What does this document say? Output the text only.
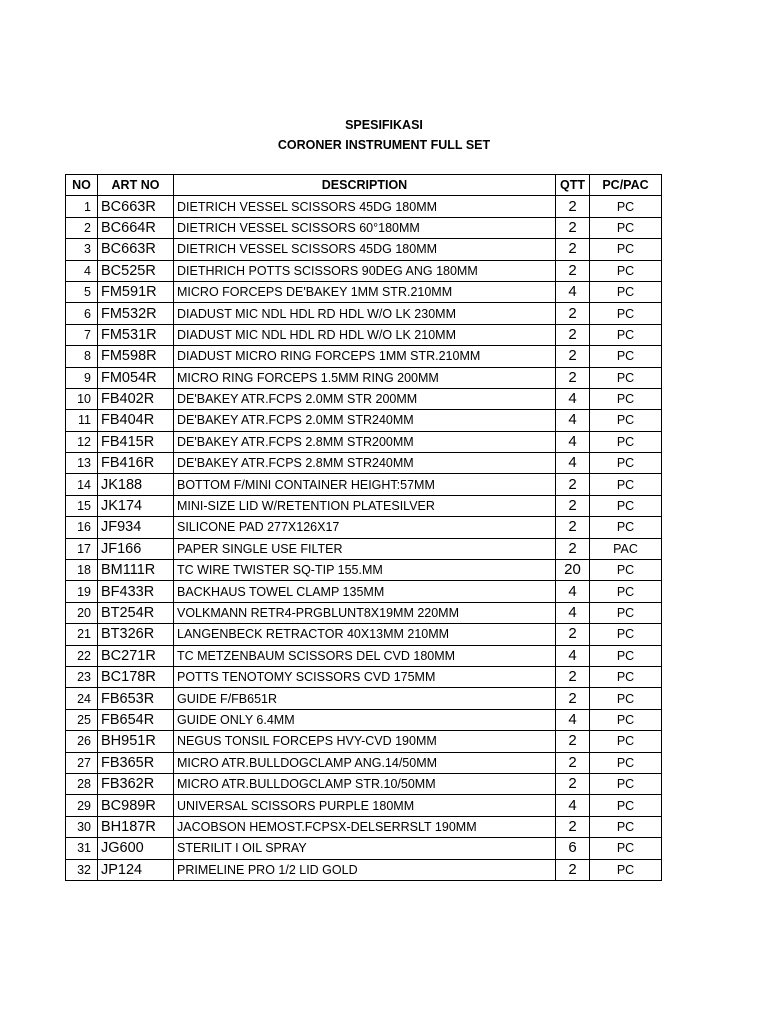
SPESIFIKASI
CORONER INSTRUMENT FULL SET
NO	ART NO	DESCRIPTION	QTT	PC/PAC
1	BC663R	DIETRICH VESSEL SCISSORS 45DG 180MM	2	PC
2	BC664R	DIETRICH VESSEL SCISSORS 60°180MM	2	PC
3	BC663R	DIETRICH VESSEL SCISSORS 45DG 180MM	2	PC
4	BC525R	DIETHRICH POTTS SCISSORS 90DEG ANG 180MM	2	PC
5	FM591R	MICRO FORCEPS DE'BAKEY 1MM STR.210MM	4	PC
6	FM532R	DIADUST MIC NDL HDL RD HDL W/O LK 230MM	2	PC
7	FM531R	DIADUST MIC NDL HDL RD HDL W/O LK 210MM	2	PC
8	FM598R	DIADUST MICRO RING FORCEPS 1MM STR.210MM	2	PC
9	FM054R	MICRO RING FORCEPS 1.5MM RING 200MM	2	PC
10	FB402R	DE'BAKEY ATR.FCPS 2.0MM STR 200MM	4	PC
11	FB404R	DE'BAKEY ATR.FCPS 2.0MM STR240MM	4	PC
12	FB415R	DE'BAKEY ATR.FCPS 2.8MM STR200MM	4	PC
13	FB416R	DE'BAKEY ATR.FCPS 2.8MM STR240MM	4	PC
14	JK188	BOTTOM F/MINI CONTAINER HEIGHT:57MM	2	PC
15	JK174	MINI-SIZE LID W/RETENTION PLATESILVER	2	PC
16	JF934	SILICONE PAD 277X126X17	2	PC
17	JF166	PAPER SINGLE USE FILTER	2	PAC
18	BM111R	TC WIRE TWISTER SQ-TIP 155.MM	20	PC
19	BF433R	BACKHAUS TOWEL CLAMP 135MM	4	PC
20	BT254R	VOLKMANN RETR4-PRGBLUNT8X19MM 220MM	4	PC
21	BT326R	LANGENBECK RETRACTOR 40X13MM 210MM	2	PC
22	BC271R	TC METZENBAUM SCISSORS DEL CVD 180MM	4	PC
23	BC178R	POTTS TENOTOMY SCISSORS CVD 175MM	2	PC
24	FB653R	GUIDE F/FB651R	2	PC
25	FB654R	GUIDE ONLY 6.4MM	4	PC
26	BH951R	NEGUS TONSIL FORCEPS HVY-CVD 190MM	2	PC
27	FB365R	MICRO ATR.BULLDOGCLAMP ANG.14/50MM	2	PC
28	FB362R	MICRO ATR.BULLDOGCLAMP STR.10/50MM	2	PC
29	BC989R	UNIVERSAL SCISSORS PURPLE 180MM	4	PC
30	BH187R	JACOBSON HEMOST.FCPSX-DELSERRSLT 190MM	2	PC
31	JG600	STERILIT I OIL SPRAY	6	PC
32	JP124	PRIMELINE PRO 1/2 LID GOLD	2	PC
